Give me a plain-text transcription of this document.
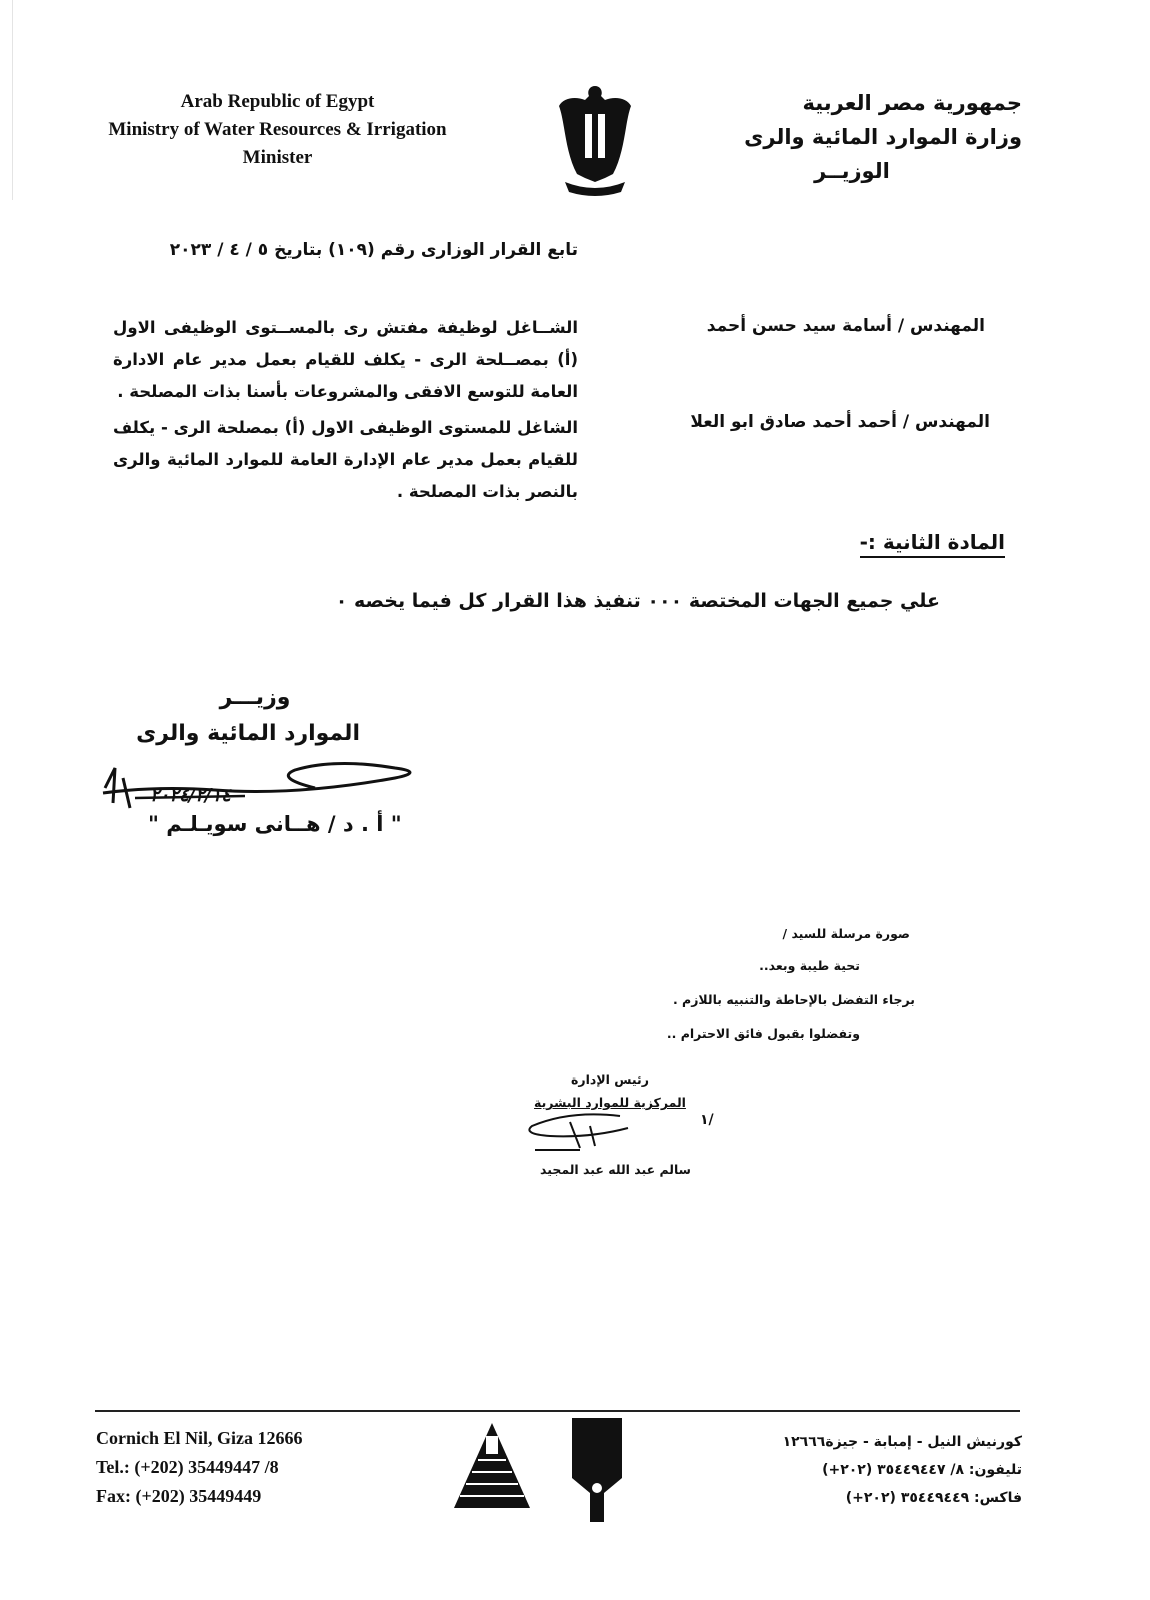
Arab Republic of Egypt
Ministry of Water Resources & Irrigation
Minister
جمهورية مصر العربية
وزارة الموارد المائية والرى
الوزيــر
تابع القرار الوزارى رقم (١٠٩) بتاريخ ٥ / ٤ / ٢٠٢٣
المهندس / أسامة سيد حسن أحمد
الشــاغل لوظيفة مفتش رى بالمســتوى الوظيفى الاول (أ) بمصــلحة الرى - يكلف للقيام بعمل مدير عام الادارة العامة للتوسع الافقى والمشروعات بأسنا بذات المصلحة .
المهندس / أحمد أحمد صادق ابو العلا
الشاغل للمستوى الوظيفى الاول (أ) بمصلحة الرى - يكلف للقيام بعمل مدير عام الإدارة العامة للموارد المائية والرى بالنصر بذات المصلحة .
المادة الثانية :-
علي جميع الجهات المختصة ٠٠٠ تنفيذ هذا القرار كل فيما يخصه ٠
وزيـــر
الموارد المائية والرى
٢٠٢٤/٢/١٤
" أ . د / هــانى سويـلـم "
صورة مرسلة للسيد /
تحية طيبة وبعد..
برجاء التفضل بالإحاطة والتنبيه باللازم .
وتفضلوا بقبول فائق الاحترام ..
رئيس الإدارة
المركزية للموارد البشرية
/١
سالم عبد الله عبد المجيد
Cornich El Nil, Giza 12666
Tel.: (+202) 35449447 /8
Fax: (+202) 35449449
كورنيش النيل - إمبابة - جيزة١٢٦٦٦
تليفون: ٨/ ٣٥٤٤٩٤٤٧ (٢٠٢+)
فاكس: ٣٥٤٤٩٤٤٩ (٢٠٢+)
